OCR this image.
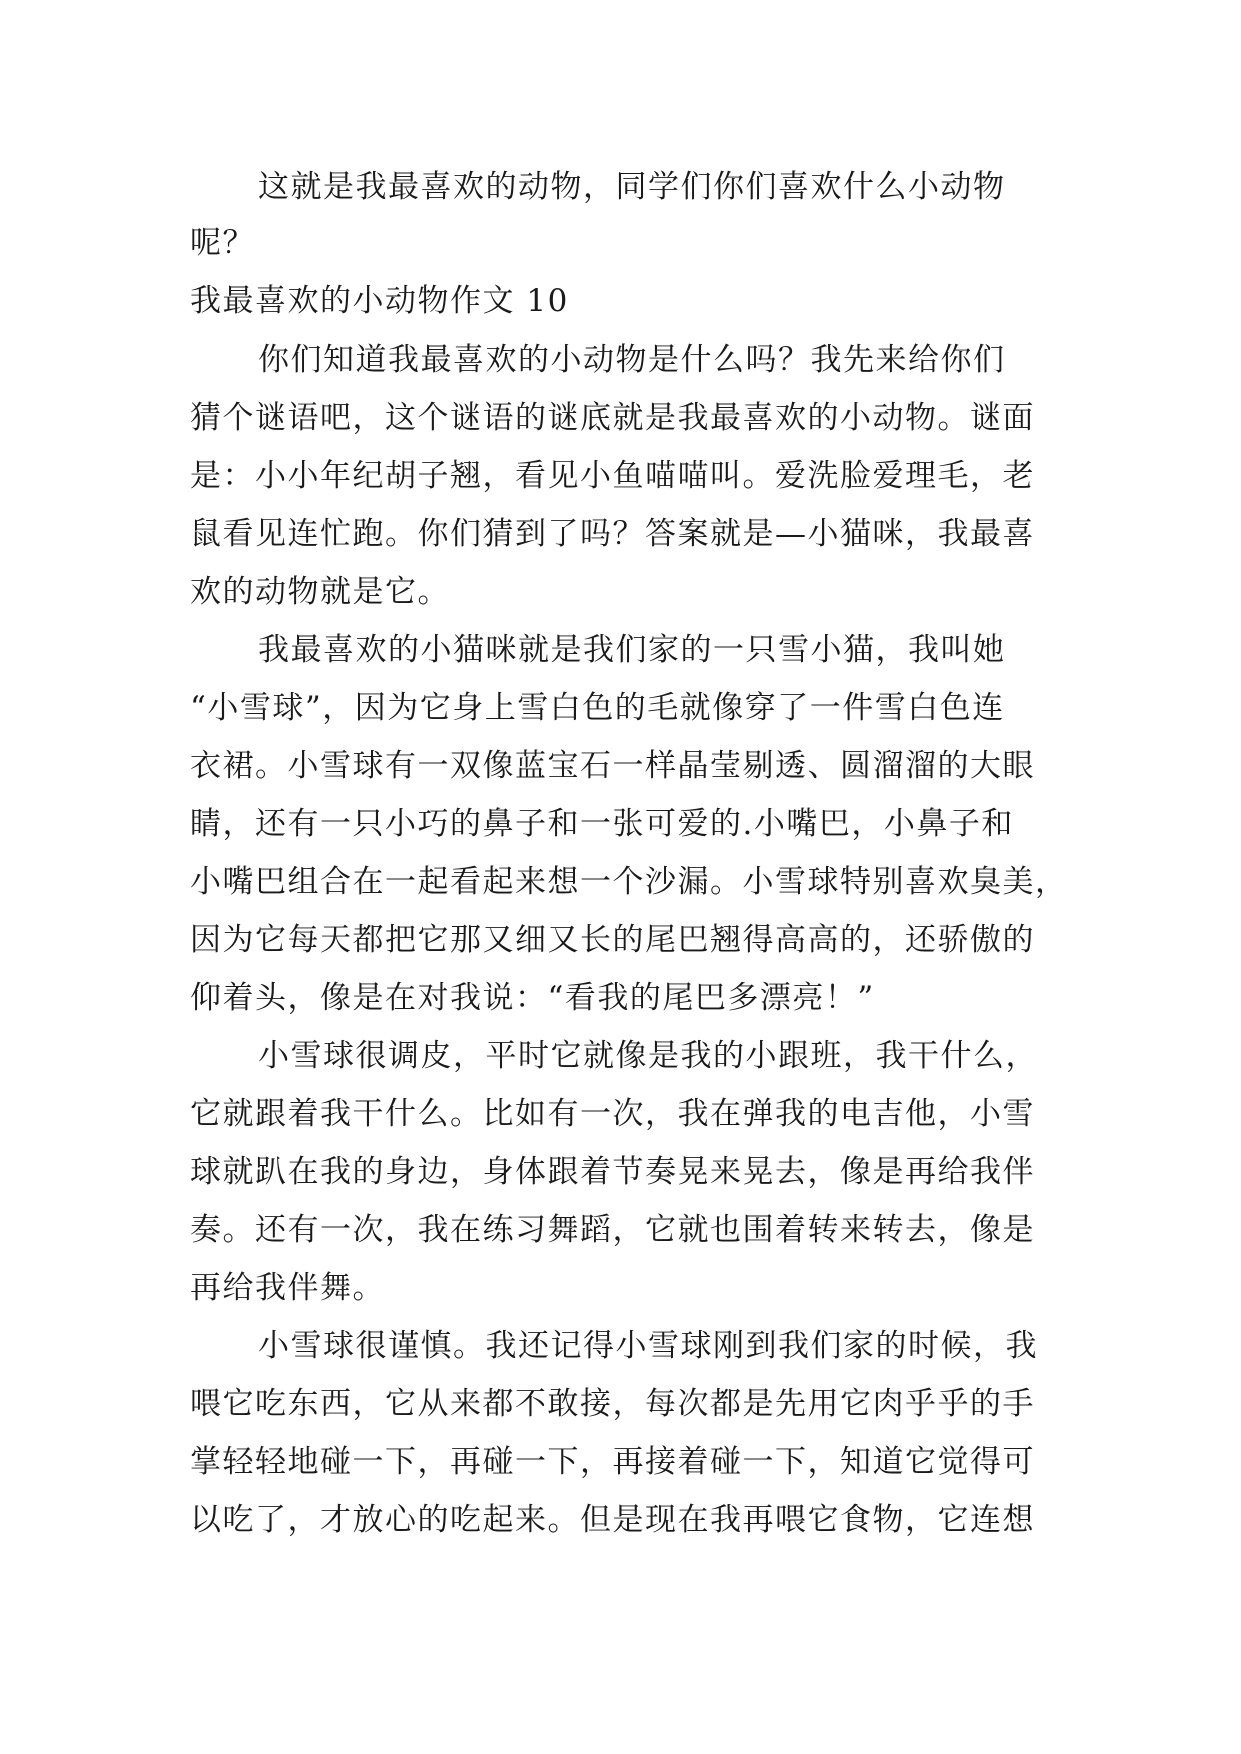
这就是我最喜欢的动物，同学们你们喜欢什么小动物
呢？
我最喜欢的小动物作文 10
你们知道我最喜欢的小动物是什么吗？我先来给你们
猜个谜语吧，这个谜语的谜底就是我最喜欢的小动物。谜面
是：小小年纪胡子翘，看见小鱼喵喵叫。爱洗脸爱理毛，老
鼠看见连忙跑。你们猜到了吗？答案就是—小猫咪，我最喜
欢的动物就是它。
我最喜欢的小猫咪就是我们家的一只雪小猫，我叫她
“小雪球”，因为它身上雪白色的毛就像穿了一件雪白色连
衣裙。小雪球有一双像蓝宝石一样晶莹剔透、圆溜溜的大眼
睛，还有一只小巧的鼻子和一张可爱的.小嘴巴，小鼻子和
小嘴巴组合在一起看起来想一个沙漏。小雪球特别喜欢臭美，
因为它每天都把它那又细又长的尾巴翘得高高的，还骄傲的
仰着头，像是在对我说：“看我的尾巴多漂亮！”
小雪球很调皮，平时它就像是我的小跟班，我干什么，
它就跟着我干什么。比如有一次，我在弹我的电吉他，小雪
球就趴在我的身边，身体跟着节奏晃来晃去，像是再给我伴
奏。还有一次，我在练习舞蹈，它就也围着转来转去，像是
再给我伴舞。
小雪球很谨慎。我还记得小雪球刚到我们家的时候，我
喂它吃东西，它从来都不敢接，每次都是先用它肉乎乎的手
掌轻轻地碰一下，再碰一下，再接着碰一下，知道它觉得可
以吃了，才放心的吃起来。但是现在我再喂它食物，它连想
